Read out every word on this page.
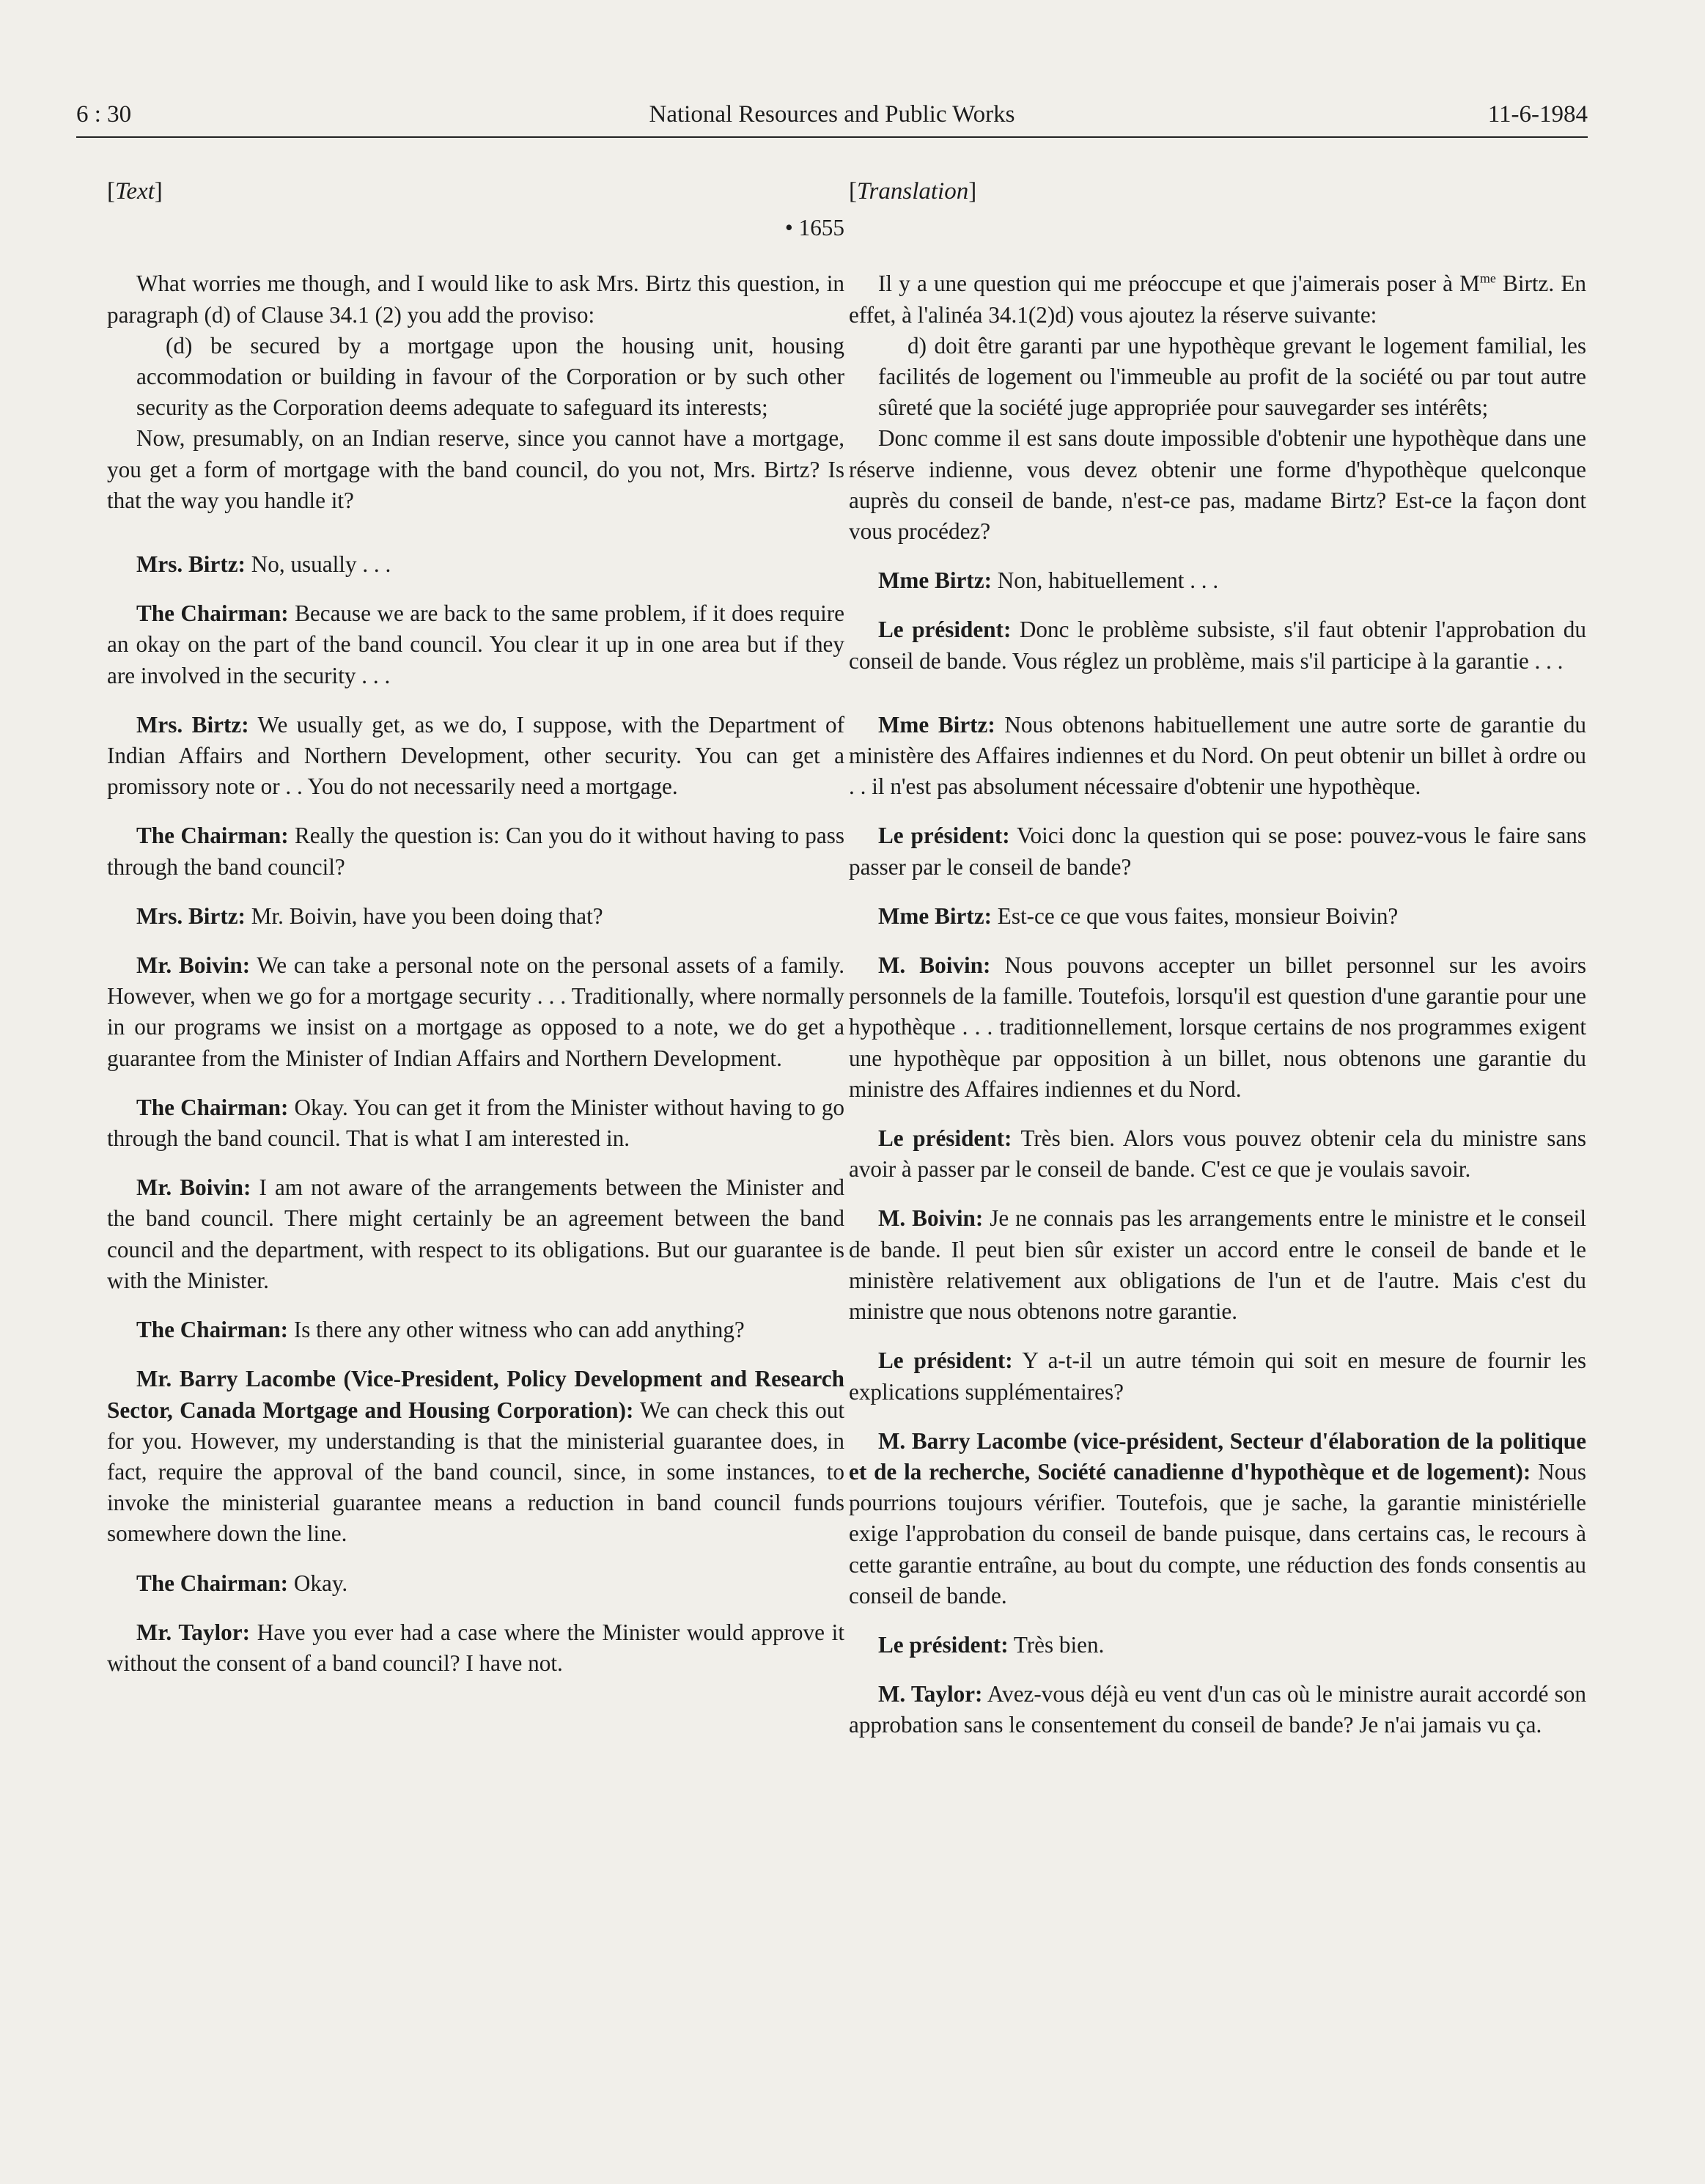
6 : 30	National Resources and Public Works	11-6-1984
[Text]
• 1655

What worries me though, and I would like to ask Mrs. Birtz this question, in paragraph (d) of Clause 34.1 (2) you add the proviso:

(d) be secured by a mortgage upon the housing unit, housing accommodation or building in favour of the Corporation or by such other security as the Corporation deems adequate to safeguard its interests;

Now, presumably, on an Indian reserve, since you cannot have a mortgage, you get a form of mortgage with the band council, do you not, Mrs. Birtz? Is that the way you handle it?

Mrs. Birtz: No, usually . . .

The Chairman: Because we are back to the same problem, if it does require an okay on the part of the band council. You clear it up in one area but if they are involved in the security . . .

Mrs. Birtz: We usually get, as we do, I suppose, with the Department of Indian Affairs and Northern Development, other security. You can get a promissory note or . . You do not necessarily need a mortgage.

The Chairman: Really the question is: Can you do it without having to pass through the band council?

Mrs. Birtz: Mr. Boivin, have you been doing that?

Mr. Boivin: We can take a personal note on the personal assets of a family. However, when we go for a mortgage security . . . Traditionally, where normally in our programs we insist on a mortgage as opposed to a note, we do get a guarantee from the Minister of Indian Affairs and Northern Development.

The Chairman: Okay. You can get it from the Minister without having to go through the band council. That is what I am interested in.

Mr. Boivin: I am not aware of the arrangements between the Minister and the band council. There might certainly be an agreement between the band council and the department, with respect to its obligations. But our guarantee is with the Minister.

The Chairman: Is there any other witness who can add anything?

Mr. Barry Lacombe (Vice-President, Policy Development and Research Sector, Canada Mortgage and Housing Corporation): We can check this out for you. However, my understanding is that the ministerial guarantee does, in fact, require the approval of the band council, since, in some instances, to invoke the ministerial guarantee means a reduction in band council funds somewhere down the line.

The Chairman: Okay.

Mr. Taylor: Have you ever had a case where the Minister would approve it without the consent of a band council? I have not.

[Translation]

Il y a une question qui me préoccupe et que j'aimerais poser à $M^{me}$ Birtz. En effet, à l'alinéa 34.1(2)d) vous ajoutez la réserve suivante:

d) doit être garanti par une hypothèque grevant le logement familial, les facilités de logement ou l'immeuble au profit de la société ou par tout autre sûreté que la société juge appropriée pour sauvegarder ses intérêts;

Donc comme il est sans doute impossible d'obtenir une hypothèque dans une réserve indienne, vous devez obtenir une forme d'hypothèque quelconque auprès du conseil de bande, n'est-ce pas, madame Birtz? Est-ce la façon dont vous procédez?

Mme Birtz: Non, habituellement . . .

Le président: Donc le problème subsiste, s'il faut obtenir l'approbation du conseil de bande. Vous réglez un problème, mais s'il participe à la garantie . . .

Mme Birtz: Nous obtenons habituellement une autre sorte de garantie du ministère des Affaires indiennes et du Nord. On peut obtenir un billet à ordre ou . . il n'est pas absolument nécessaire d'obtenir une hypothèque.

Le président: Voici donc la question qui se pose: pouvez-vous le faire sans passer par le conseil de bande?

Mme Birtz: Est-ce ce que vous faites, monsieur Boivin?

M. Boivin: Nous pouvons accepter un billet personnel sur les avoirs personnels de la famille. Toutefois, lorsqu'il est question d'une garantie pour une hypothèque . . . traditionnellement, lorsque certains de nos programmes exigent une hypothèque par opposition à un billet, nous obtenons une garantie du ministre des Affaires indiennes et du Nord.

Le président: Très bien. Alors vous pouvez obtenir cela du ministre sans avoir à passer par le conseil de bande. C'est ce que je voulais savoir.

M. Boivin: Je ne connais pas les arrangements entre le ministre et le conseil de bande. Il peut bien sûr exister un accord entre le conseil de bande et le ministère relativement aux obligations de l'un et de l'autre. Mais c'est du ministre que nous obtenons notre garantie.

Le président: Y a-t-il un autre témoin qui soit en mesure de fournir les explications supplémentaires?

M. Barry Lacombe (vice-président, Secteur d'élaboration de la politique et de la recherche, Société canadienne d'hypothèque et de logement): Nous pourrions toujours vérifier. Toutefois, que je sache, la garantie ministérielle exige l'approbation du conseil de bande puisque, dans certains cas, le recours à cette garantie entraîne, au bout du compte, une réduction des fonds consentis au conseil de bande.

Le président: Très bien.

M. Taylor: Avez-vous déjà eu vent d'un cas où le ministre aurait accordé son approbation sans le consentement du conseil de bande? Je n'ai jamais vu ça.
